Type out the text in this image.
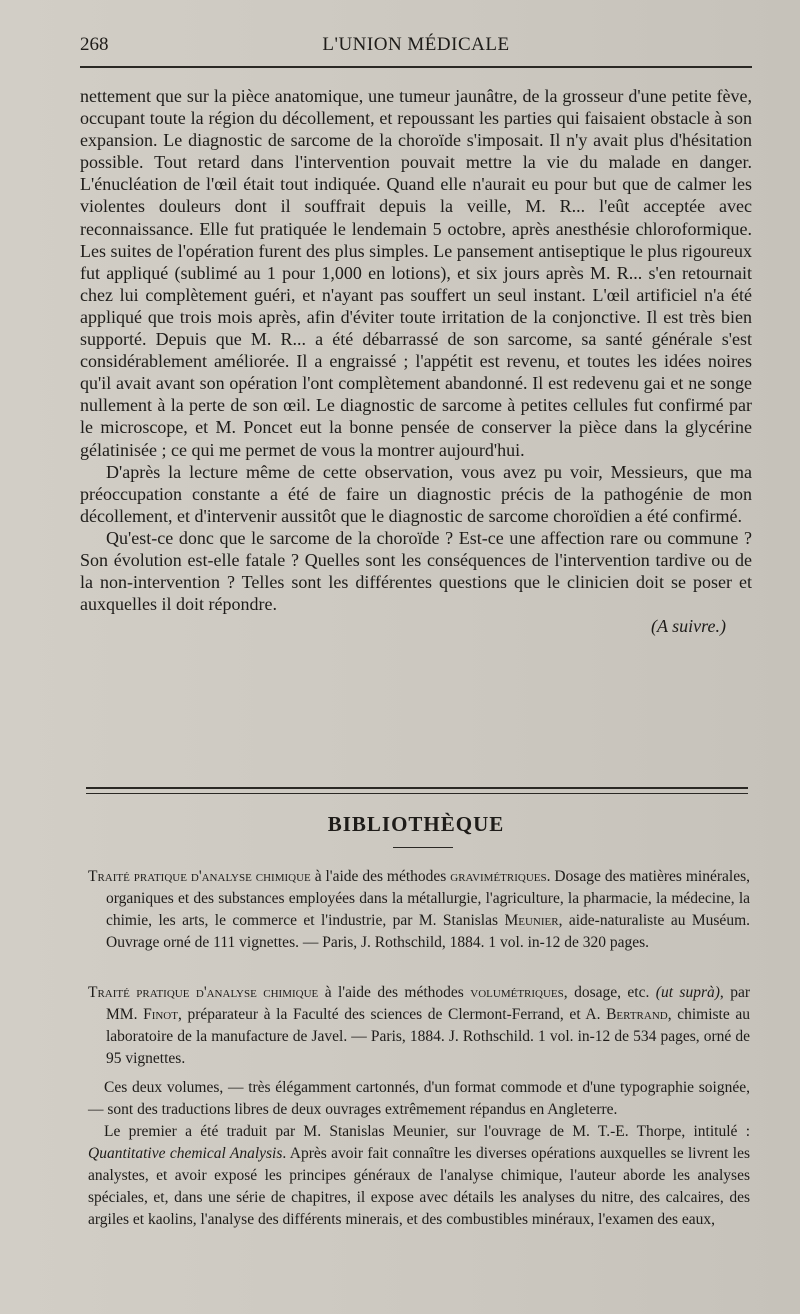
268	L'UNION MÉDICALE

nettement que sur la pièce anatomique, une tumeur jaunâtre, de la grosseur d'une petite fève, occupant toute la région du décollement, et repoussant les parties qui faisaient obstacle à son expansion. Le diagnostic de sarcome de la choroïde s'imposait. Il n'y avait plus d'hésitation possible. Tout retard dans l'intervention pouvait mettre la vie du malade en danger. L'énucléation de l'œil était tout indiquée. Quand elle n'aurait eu pour but que de calmer les violentes douleurs dont il souffrait depuis la veille, M. R... l'eût acceptée avec reconnaissance. Elle fut pratiquée le lendemain 5 octobre, après anesthésie chloroformique. Les suites de l'opération furent des plus simples. Le pansement antiseptique le plus rigoureux fut appliqué (sublimé au 1 pour 1,000 en lotions), et six jours après M. R... s'en retournait chez lui complètement guéri, et n'ayant pas souffert un seul instant. L'œil artificiel n'a été appliqué que trois mois après, afin d'éviter toute irritation de la conjonctive. Il est très bien supporté. Depuis que M. R... a été débarrassé de son sarcome, sa santé générale s'est considérablement améliorée. Il a engraissé ; l'appétit est revenu, et toutes les idées noires qu'il avait avant son opération l'ont complètement abandonné. Il est redevenu gai et ne songe nullement à la perte de son œil. Le diagnostic de sarcome à petites cellules fut confirmé par le microscope, et M. Poncet eut la bonne pensée de conserver la pièce dans la glycérine gélatinisée ; ce qui me permet de vous la montrer aujourd'hui.

D'après la lecture même de cette observation, vous avez pu voir, Messieurs, que ma préoccupation constante a été de faire un diagnostic précis de la pathogénie de mon décollement, et d'intervenir aussitôt que le diagnostic de sarcome choroïdien a été confirmé.

Qu'est-ce donc que le sarcome de la choroïde ? Est-ce une affection rare ou commune ? Son évolution est-elle fatale ? Quelles sont les conséquences de l'intervention tardive ou de la non-intervention ? Telles sont les différentes questions que le clinicien doit se poser et auxquelles il doit répondre.

(A suivre.)

BIBLIOTHÈQUE

Traité pratique d'analyse chimique à l'aide des méthodes gravimétriques. Dosage des matières minérales, organiques et des substances employées dans la métallurgie, l'agriculture, la pharmacie, la médecine, la chimie, les arts, le commerce et l'industrie, par M. Stanislas Meunier, aide-naturaliste au Muséum. Ouvrage orné de 111 vignettes. — Paris, J. Rothschild, 1884. 1 vol. in-12 de 320 pages.

Traité pratique d'analyse chimique à l'aide des méthodes volumétriques, dosage, etc. (ut suprà), par MM. Finot, préparateur à la Faculté des sciences de Clermont-Ferrand, et A. Bertrand, chimiste au laboratoire de la manufacture de Javel. — Paris, 1884. J. Rothschild. 1 vol. in-12 de 534 pages, orné de 95 vignettes.

Ces deux volumes, — très élégamment cartonnés, d'un format commode et d'une typographie soignée, — sont des traductions libres de deux ouvrages extrêmement répandus en Angleterre.

Le premier a été traduit par M. Stanislas Meunier, sur l'ouvrage de M. T.-E. Thorpe, intitulé : Quantitative chemical Analysis. Après avoir fait connaître les diverses opérations auxquelles se livrent les analystes, et avoir exposé les principes généraux de l'analyse chimique, l'auteur aborde les analyses spéciales, et, dans une série de chapitres, il expose avec détails les analyses du nitre, des calcaires, des argiles et kaolins, l'analyse des différents minerais, et des combustibles minéraux, l'examen des eaux,
